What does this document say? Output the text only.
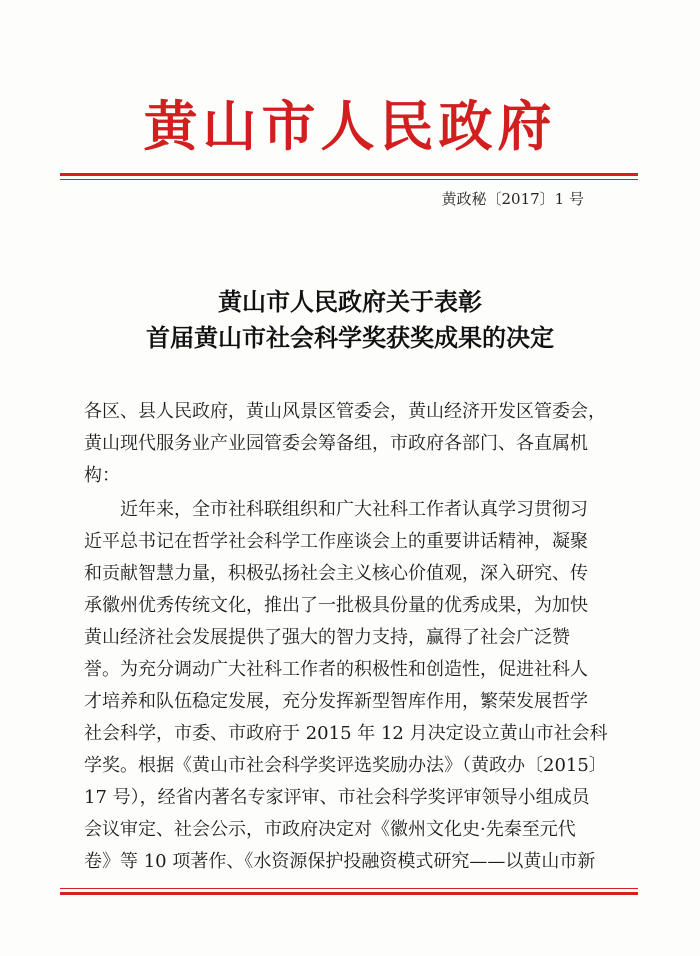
黄山市人民政府
黄政秘〔2017〕1 号
黄山市人民政府关于表彰
首届黄山市社会科学奖获奖成果的决定
各区、县人民政府，黄山风景区管委会，黄山经济开发区管委会，
黄山现代服务业产业园管委会筹备组，市政府各部门、各直属机
构：
近年来，全市社科联组织和广大社科工作者认真学习贯彻习
近平总书记在哲学社会科学工作座谈会上的重要讲话精神，凝聚
和贡献智慧力量，积极弘扬社会主义核心价值观，深入研究、传
承徽州优秀传统文化，推出了一批极具份量的优秀成果，为加快
黄山经济社会发展提供了强大的智力支持，赢得了社会广泛赞
誉。为充分调动广大社科工作者的积极性和创造性，促进社科人
才培养和队伍稳定发展，充分发挥新型智库作用，繁荣发展哲学
社会科学，市委、市政府于 2015 年 12 月决定设立黄山市社会科
学奖。根据《黄山市社会科学奖评选奖励办法》（黄政办〔2015〕
17 号），经省内著名专家评审、市社会科学奖评审领导小组成员
会议审定、社会公示，市政府决定对《徽州文化史·先秦至元代
卷》等 10 项著作、《水资源保护投融资模式研究——以黄山市新
